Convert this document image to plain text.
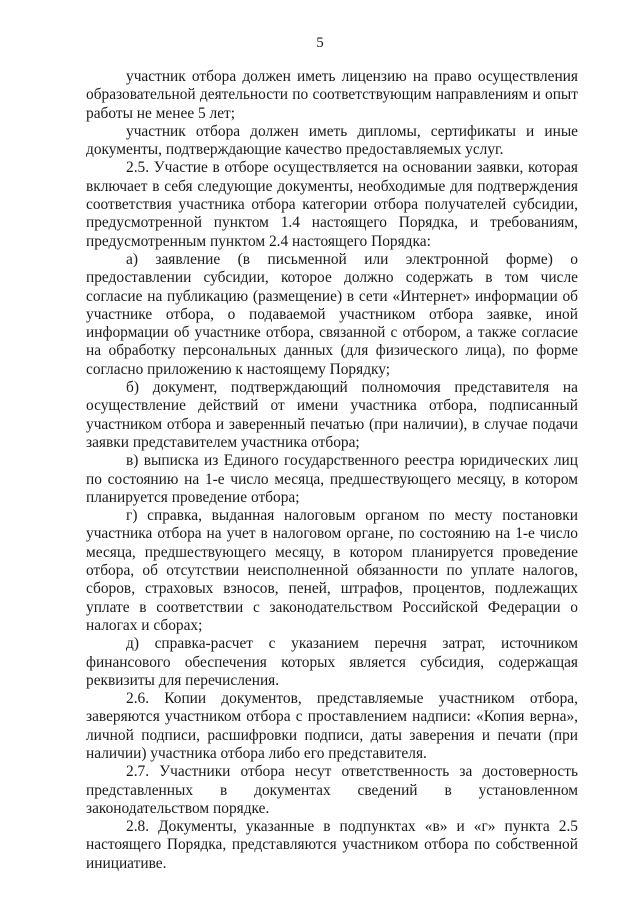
5

участник отбора должен иметь лицензию на право осуществления образовательной деятельности по соответствующим направлениям и опыт работы не менее 5 лет;

участник отбора должен иметь дипломы, сертификаты и иные документы, подтверждающие качество предоставляемых услуг.

2.5. Участие в отборе осуществляется на основании заявки, которая включает в себя следующие документы, необходимые для подтверждения соответствия участника отбора категории отбора получателей субсидии, предусмотренной пунктом 1.4 настоящего Порядка, и требованиям, предусмотренным пунктом 2.4 настоящего Порядка:

а) заявление (в письменной или электронной форме) о предоставлении субсидии, которое должно содержать в том числе согласие на публикацию (размещение) в сети «Интернет» информации об участнике отбора, о подаваемой участником отбора заявке, иной информации об участнике отбора, связанной с отбором, а также согласие на обработку персональных данных (для физического лица), по форме согласно приложению к настоящему Порядку;

б) документ, подтверждающий полномочия представителя на осуществление действий от имени участника отбора, подписанный участником отбора и заверенный печатью (при наличии), в случае подачи заявки представителем участника отбора;

в) выписка из Единого государственного реестра юридических лиц по состоянию на 1-е число месяца, предшествующего месяцу, в котором планируется проведение отбора;

г) справка, выданная налоговым органом по месту постановки участника отбора на учет в налоговом органе, по состоянию на 1-е число месяца, предшествующего месяцу, в котором планируется проведение отбора, об отсутствии неисполненной обязанности по уплате налогов, сборов, страховых взносов, пеней, штрафов, процентов, подлежащих уплате в соответствии с законодательством Российской Федерации о налогах и сборах;

д) справка-расчет с указанием перечня затрат, источником финансового обеспечения которых является субсидия, содержащая реквизиты для перечисления.

2.6. Копии документов, представляемые участником отбора, заверяются участником отбора с проставлением надписи: «Копия верна», личной подписи, расшифровки подписи, даты заверения и печати (при наличии) участника отбора либо его представителя.

2.7. Участники отбора несут ответственность за достоверность представленных в документах сведений в установленном законодательством порядке.

2.8. Документы, указанные в подпунктах «в» и «г» пункта 2.5 настоящего Порядка, представляются участником отбора по собственной инициативе.
